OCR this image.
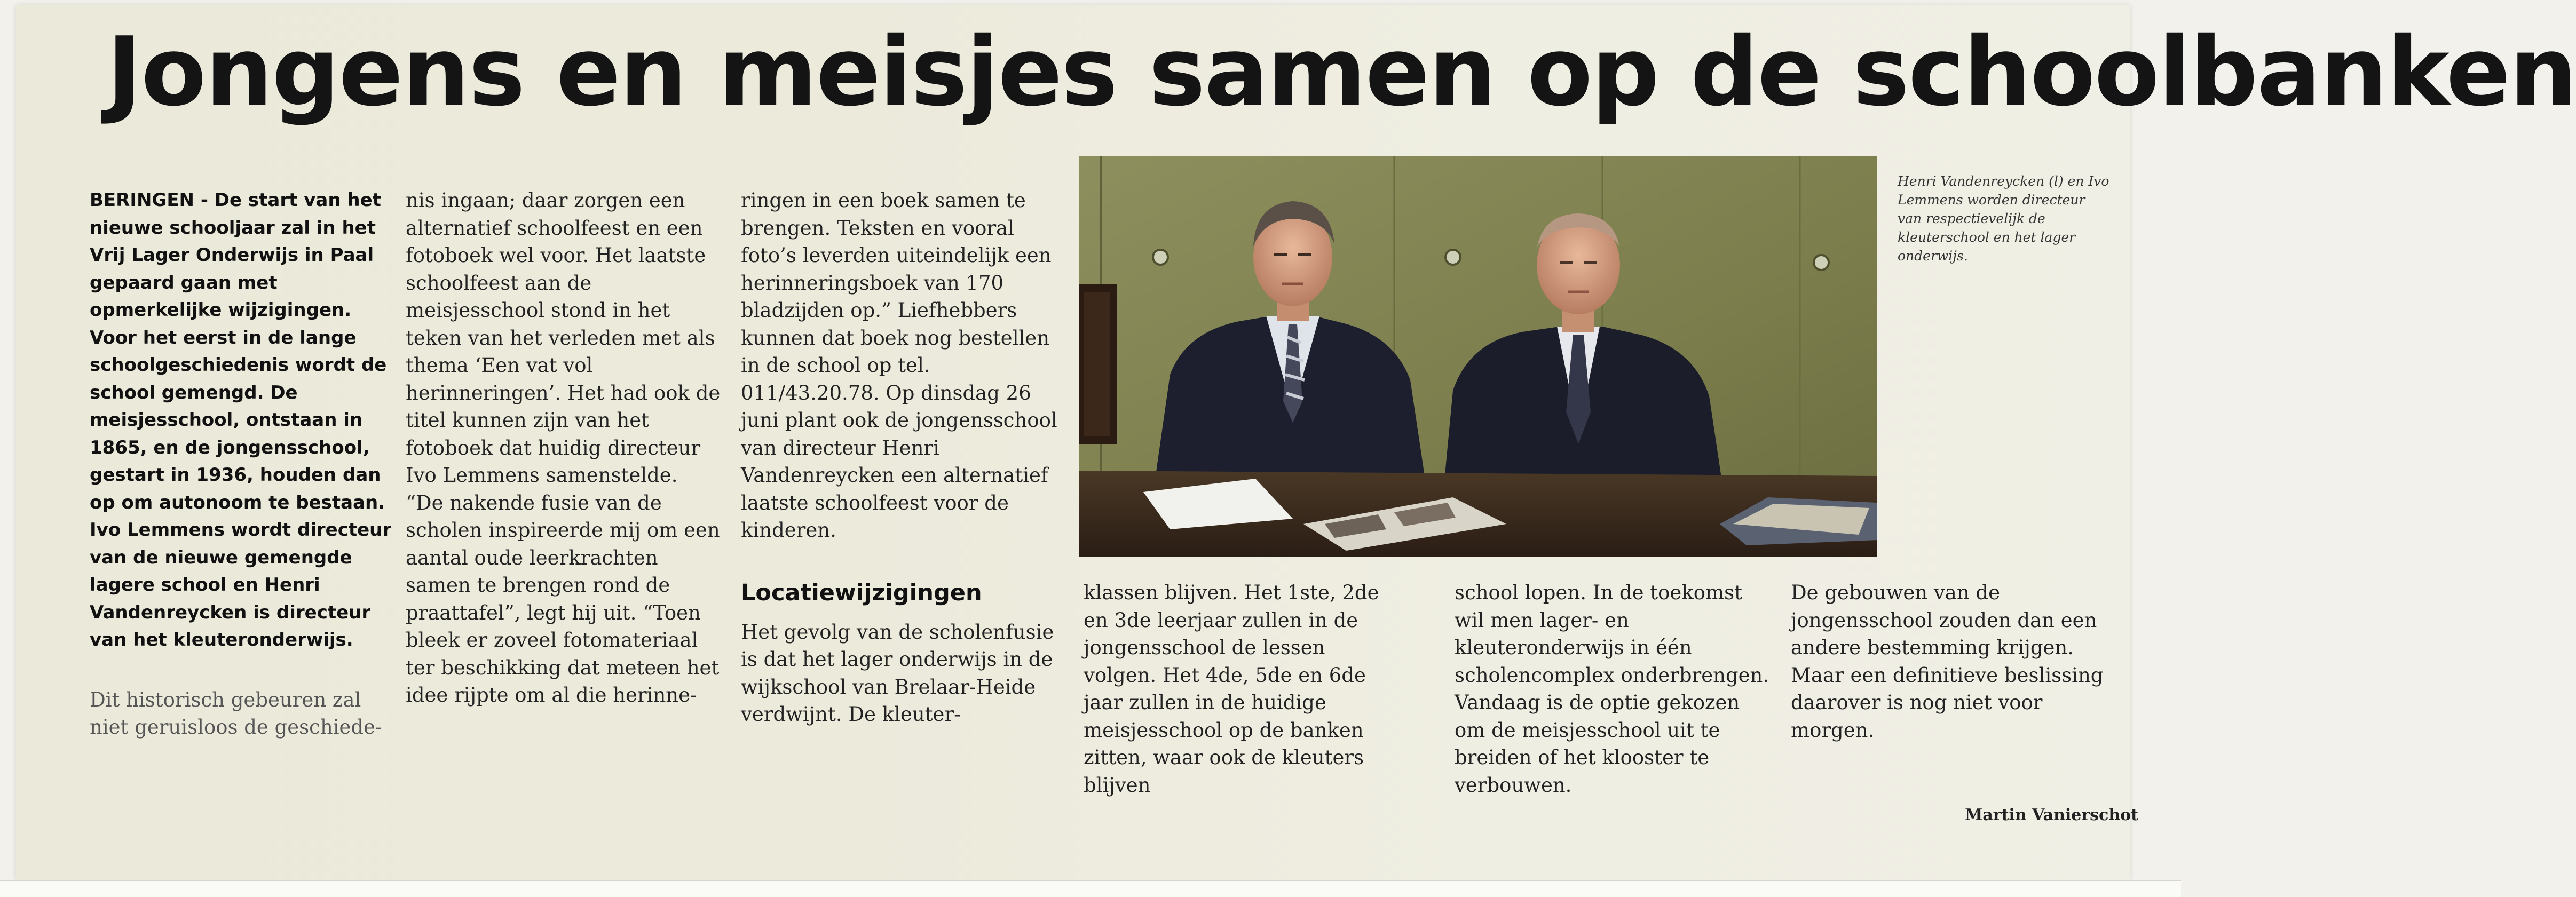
Jongens en meisjes samen op de schoolbanken

BERINGEN - De start van het nieuwe schooljaar zal in het Vrij Lager Onderwijs in Paal gepaard gaan met opmerkelijke wijzigingen. Voor het eerst in de lange schoolgeschiedenis wordt de school gemengd. De meisjesschool, ontstaan in 1865, en de jongensschool, gestart in 1936, houden dan op om autonoom te bestaan. Ivo Lemmens wordt directeur van de nieuwe gemengde lagere school en Henri Vandenreycken is directeur van het kleuteronderwijs.

Dit historisch gebeuren zal niet geruisloos de geschiede-

nis ingaan; daar zorgen een alternatief schoolfeest en een fotoboek wel voor. Het laatste schoolfeest aan de meisjesschool stond in het teken van het verleden met als thema ‘Een vat vol herinneringen’. Het had ook de titel kunnen zijn van het fotoboek dat huidig directeur Ivo Lemmens samenstelde. “De nakende fusie van de scholen inspireerde mij om een aantal oude leerkrachten samen te brengen rond de praattafel”, legt hij uit. “Toen bleek er zoveel fotomateriaal ter beschikking dat meteen het idee rijpte om al die herinne-

ringen in een boek samen te brengen. Teksten en vooral foto’s leverden uiteindelijk een herinneringsboek van 170 bladzijden op.” Liefhebbers kunnen dat boek nog bestellen in de school op tel. 011/43.20.78. Op dinsdag 26 juni plant ook de jongensschool van directeur Henri Vandenreycken een alternatief laatste schoolfeest voor de kinderen.

Locatiewijzigingen

Het gevolg van de scholenfusie is dat het lager onderwijs in de wijkschool van Brelaar-Heide verdwijnt. De kleuter-

Henri Vandenreycken (l) en Ivo Lemmens worden directeur van respectievelijk de kleuterschool en het lager onderwijs.

klassen blijven. Het 1ste, 2de en 3de leerjaar zullen in de jongensschool de lessen volgen. Het 4de, 5de en 6de jaar zullen in de huidige meisjesschool op de banken zitten, waar ook de kleuters blijven

school lopen. In de toekomst wil men lager- en kleuteronderwijs in één scholencomplex onderbrengen. Vandaag is de optie gekozen om de meisjesschool uit te breiden of het klooster te verbouwen.

De gebouwen van de jongensschool zouden dan een andere bestemming krijgen. Maar een definitieve beslissing daarover is nog niet voor morgen.

Martin Vanierschot
